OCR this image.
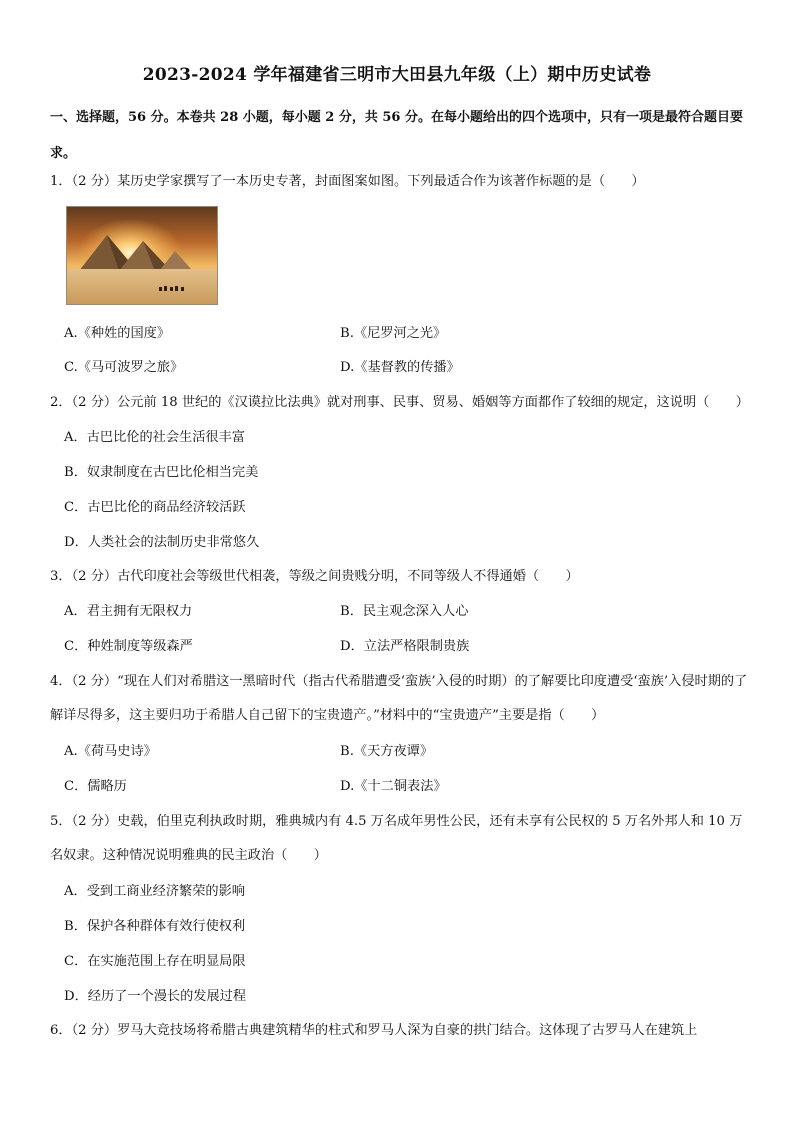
2023-2024 学年福建省三明市大田县九年级（上）期中历史试卷
一、选择题，56 分。本卷共 28 小题，每小题 2 分，共 56 分。在每小题给出的四个选项中，只有一项是最符合题目要求。
1．（2 分）某历史学家撰写了一本历史专著，封面图案如图。下列最适合作为该著作标题的是（　　）
A.《种姓的国度》	B.《尼罗河之光》
C.《马可波罗之旅》	D.《基督教的传播》
2．（2 分）公元前 18 世纪的《汉谟拉比法典》就对刑事、民事、贸易、婚姻等方面都作了较细的规定，这说明（　　）
A．古巴比伦的社会生活很丰富
B．奴隶制度在古巴比伦相当完美
C．古巴比伦的商品经济较活跃
D．人类社会的法制历史非常悠久
3．（2 分）古代印度社会等级世代相袭，等级之间贵贱分明，不同等级人不得通婚（　　）
A．君主拥有无限权力	B．民主观念深入人心
C．种姓制度等级森严	D．立法严格限制贵族
4．（2 分）“现在人们对希腊这一黑暗时代（指古代希腊遭受‘蛮族’入侵的时期）的了解要比印度遭受‘蛮族’入侵时期的了解详尽得多，这主要归功于希腊人自己留下的宝贵遗产。”材料中的“宝贵遗产”主要是指（　　）
A.《荷马史诗》	B.《天方夜谭》
C．儒略历	D.《十二铜表法》
5．（2 分）史载，伯里克利执政时期，雅典城内有 4.5 万名成年男性公民，还有未享有公民权的 5 万名外邦人和 10 万名奴隶。这种情况说明雅典的民主政治（　　）
A．受到工商业经济繁荣的影响
B．保护各种群体有效行使权利
C．在实施范围上存在明显局限
D．经历了一个漫长的发展过程
6．（2 分）罗马大竞技场将希腊古典建筑精华的柱式和罗马人深为自豪的拱门结合。这体现了古罗马人在建筑上
